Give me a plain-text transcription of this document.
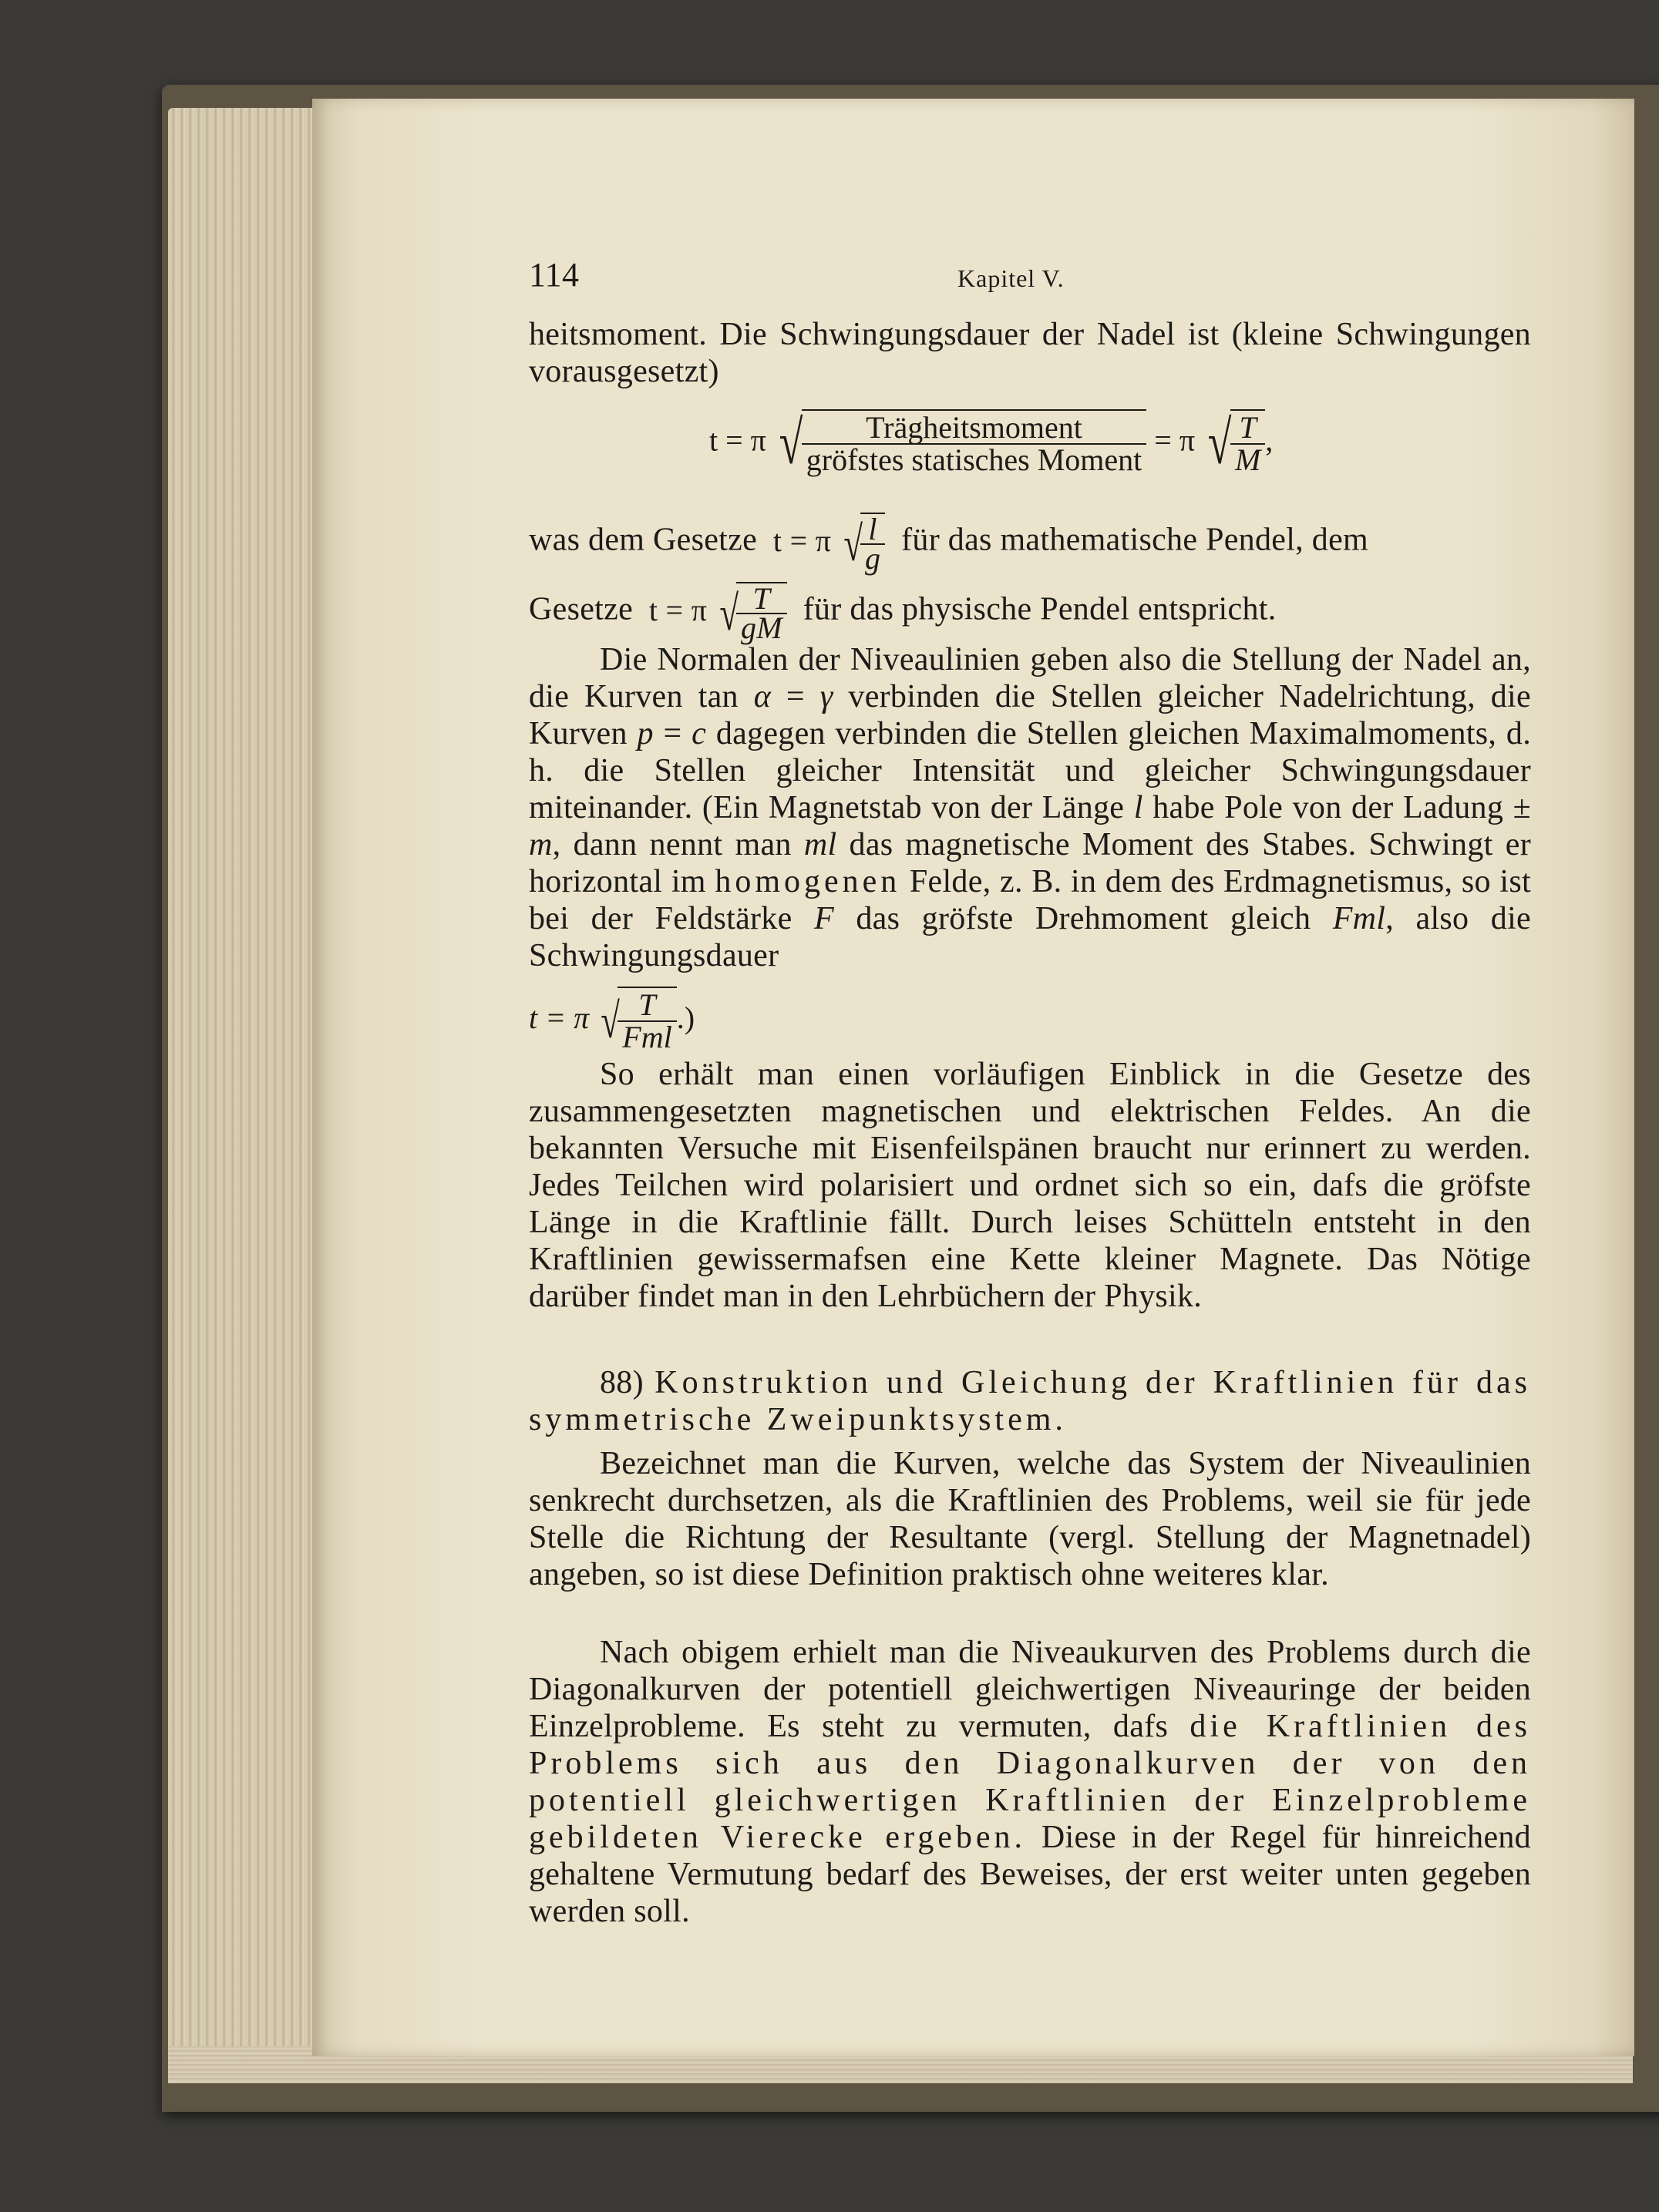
114	Kapitel V.

heitsmoment. Die Schwingungsdauer der Nadel ist (kleine Schwingungen vorausgesetzt)

t = π √
$\frac{\text{Trägheitsmoment}}{\text{gröfstes statisches Moment}} = \pi$ √
$\frac{T}{M}$ ,
was dem Gesetze t = π √
$\frac{l}{g}$ für das mathematische Pendel, dem
Gesetze t = π √
$\frac{T}{gM}$ für das physische Pendel entspricht.

Die Normalen der Niveaulinien geben also die Stellung der Nadel an, die Kurven tan α = γ verbinden die Stellen gleicher Nadelrichtung, die Kurven p = c dagegen verbinden die Stellen gleichen Maximalmoments, d. h. die Stellen gleicher Intensität und gleicher Schwingungsdauer miteinander. (Ein Magnetstab von der Länge l habe Pole von der Ladung ± m, dann nennt man ml das magnetische Moment des Stabes. Schwingt er horizontal im homogenen Felde, z. B. in dem des Erdmagnetismus, so ist bei der Feldstärke F das gröfste Drehmoment gleich Fml, also die Schwingungsdauer

t = π √
$\frac{T}{\text{Fml}}$ .)

So erhält man einen vorläufigen Einblick in die Gesetze des zusammengesetzten magnetischen und elektrischen Feldes. An die bekannten Versuche mit Eisenfeilspänen braucht nur erinnert zu werden. Jedes Teilchen wird polarisiert und ordnet sich so ein, dafs die gröfste Länge in die Kraftlinie fällt. Durch leises Schütteln entsteht in den Kraftlinien gewissermafsen eine Kette kleiner Magnete. Das Nötige darüber findet man in den Lehrbüchern der Physik.

88) Konstruktion und Gleichung der Kraftlinien für das symmetrische Zweipunktsystem.

Bezeichnet man die Kurven, welche das System der Niveaulinien senkrecht durchsetzen, als die Kraftlinien des Problems, weil sie für jede Stelle die Richtung der Resultante (vergl. Stellung der Magnetnadel) angeben, so ist diese Definition praktisch ohne weiteres klar.

Nach obigem erhielt man die Niveaukurven des Problems durch die Diagonalkurven der potentiell gleichwertigen Niveauringe der beiden Einzelprobleme. Es steht zu vermuten, dafs die Kraftlinien des Problems sich aus den Diagonalkurven der von den potentiell gleichwertigen Kraftlinien der Einzelprobleme gebildeten Vierecke ergeben. Diese in der Regel für hinreichend gehaltene Vermutung bedarf des Beweises, der erst weiter unten gegeben werden soll.
